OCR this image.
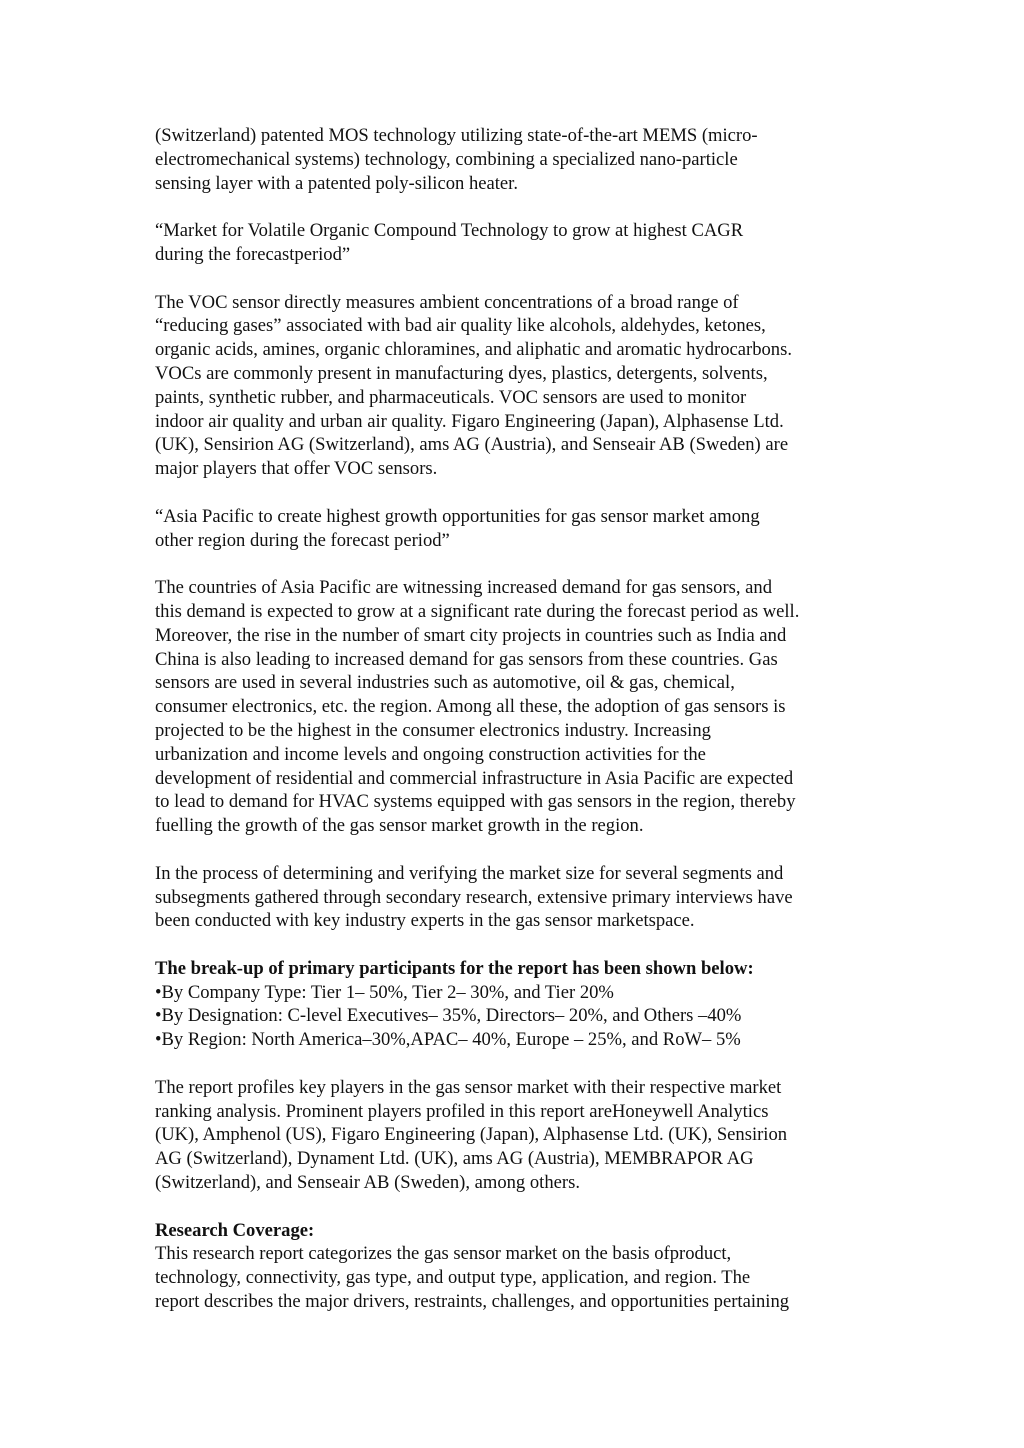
(Switzerland) patented MOS technology utilizing state-of-the-art MEMS (micro-
electromechanical systems) technology, combining a specialized nano-particle
sensing layer with a patented poly-silicon heater.
“Market for Volatile Organic Compound Technology to grow at highest CAGR
during the forecastperiod”
The VOC sensor directly measures ambient concentrations of a broad range of
“reducing gases” associated with bad air quality like alcohols, aldehydes, ketones,
organic acids, amines, organic chloramines, and aliphatic and aromatic hydrocarbons.
VOCs are commonly present in manufacturing dyes, plastics, detergents, solvents,
paints, synthetic rubber, and pharmaceuticals. VOC sensors are used to monitor
indoor air quality and urban air quality. Figaro Engineering (Japan), Alphasense Ltd.
(UK), Sensirion AG (Switzerland), ams AG (Austria), and Senseair AB (Sweden) are
major players that offer VOC sensors.
“Asia Pacific to create highest growth opportunities for gas sensor market among
other region during the forecast period”
The countries of Asia Pacific are witnessing increased demand for gas sensors, and
this demand is expected to grow at a significant rate during the forecast period as well.
Moreover, the rise in the number of smart city projects in countries such as India and
China is also leading to increased demand for gas sensors from these countries. Gas
sensors are used in several industries such as automotive, oil & gas, chemical,
consumer electronics, etc. the region. Among all these, the adoption of gas sensors is
projected to be the highest in the consumer electronics industry. Increasing
urbanization and income levels and ongoing construction activities for the
development of residential and commercial infrastructure in Asia Pacific are expected
to lead to demand for HVAC systems equipped with gas sensors in the region, thereby
fuelling the growth of the gas sensor market growth in the region.
In the process of determining and verifying the market size for several segments and
subsegments gathered through secondary research, extensive primary interviews have
been conducted with key industry experts in the gas sensor marketspace.
The break-up of primary participants for the report has been shown below:
•By Company Type: Tier 1– 50%, Tier 2– 30%, and Tier 20%
•By Designation: C-level Executives– 35%, Directors– 20%, and Others –40%
•By Region: North America–30%,APAC– 40%, Europe – 25%, and RoW– 5%
The report profiles key players in the gas sensor market with their respective market
ranking analysis. Prominent players profiled in this report areHoneywell Analytics
(UK), Amphenol (US), Figaro Engineering (Japan), Alphasense Ltd. (UK), Sensirion
AG (Switzerland), Dynament Ltd. (UK), ams AG (Austria), MEMBRAPOR AG
(Switzerland), and Senseair AB (Sweden), among others.
Research Coverage:
This research report categorizes the gas sensor market on the basis ofproduct,
technology, connectivity, gas type, and output type, application, and region. The
report describes the major drivers, restraints, challenges, and opportunities pertaining
